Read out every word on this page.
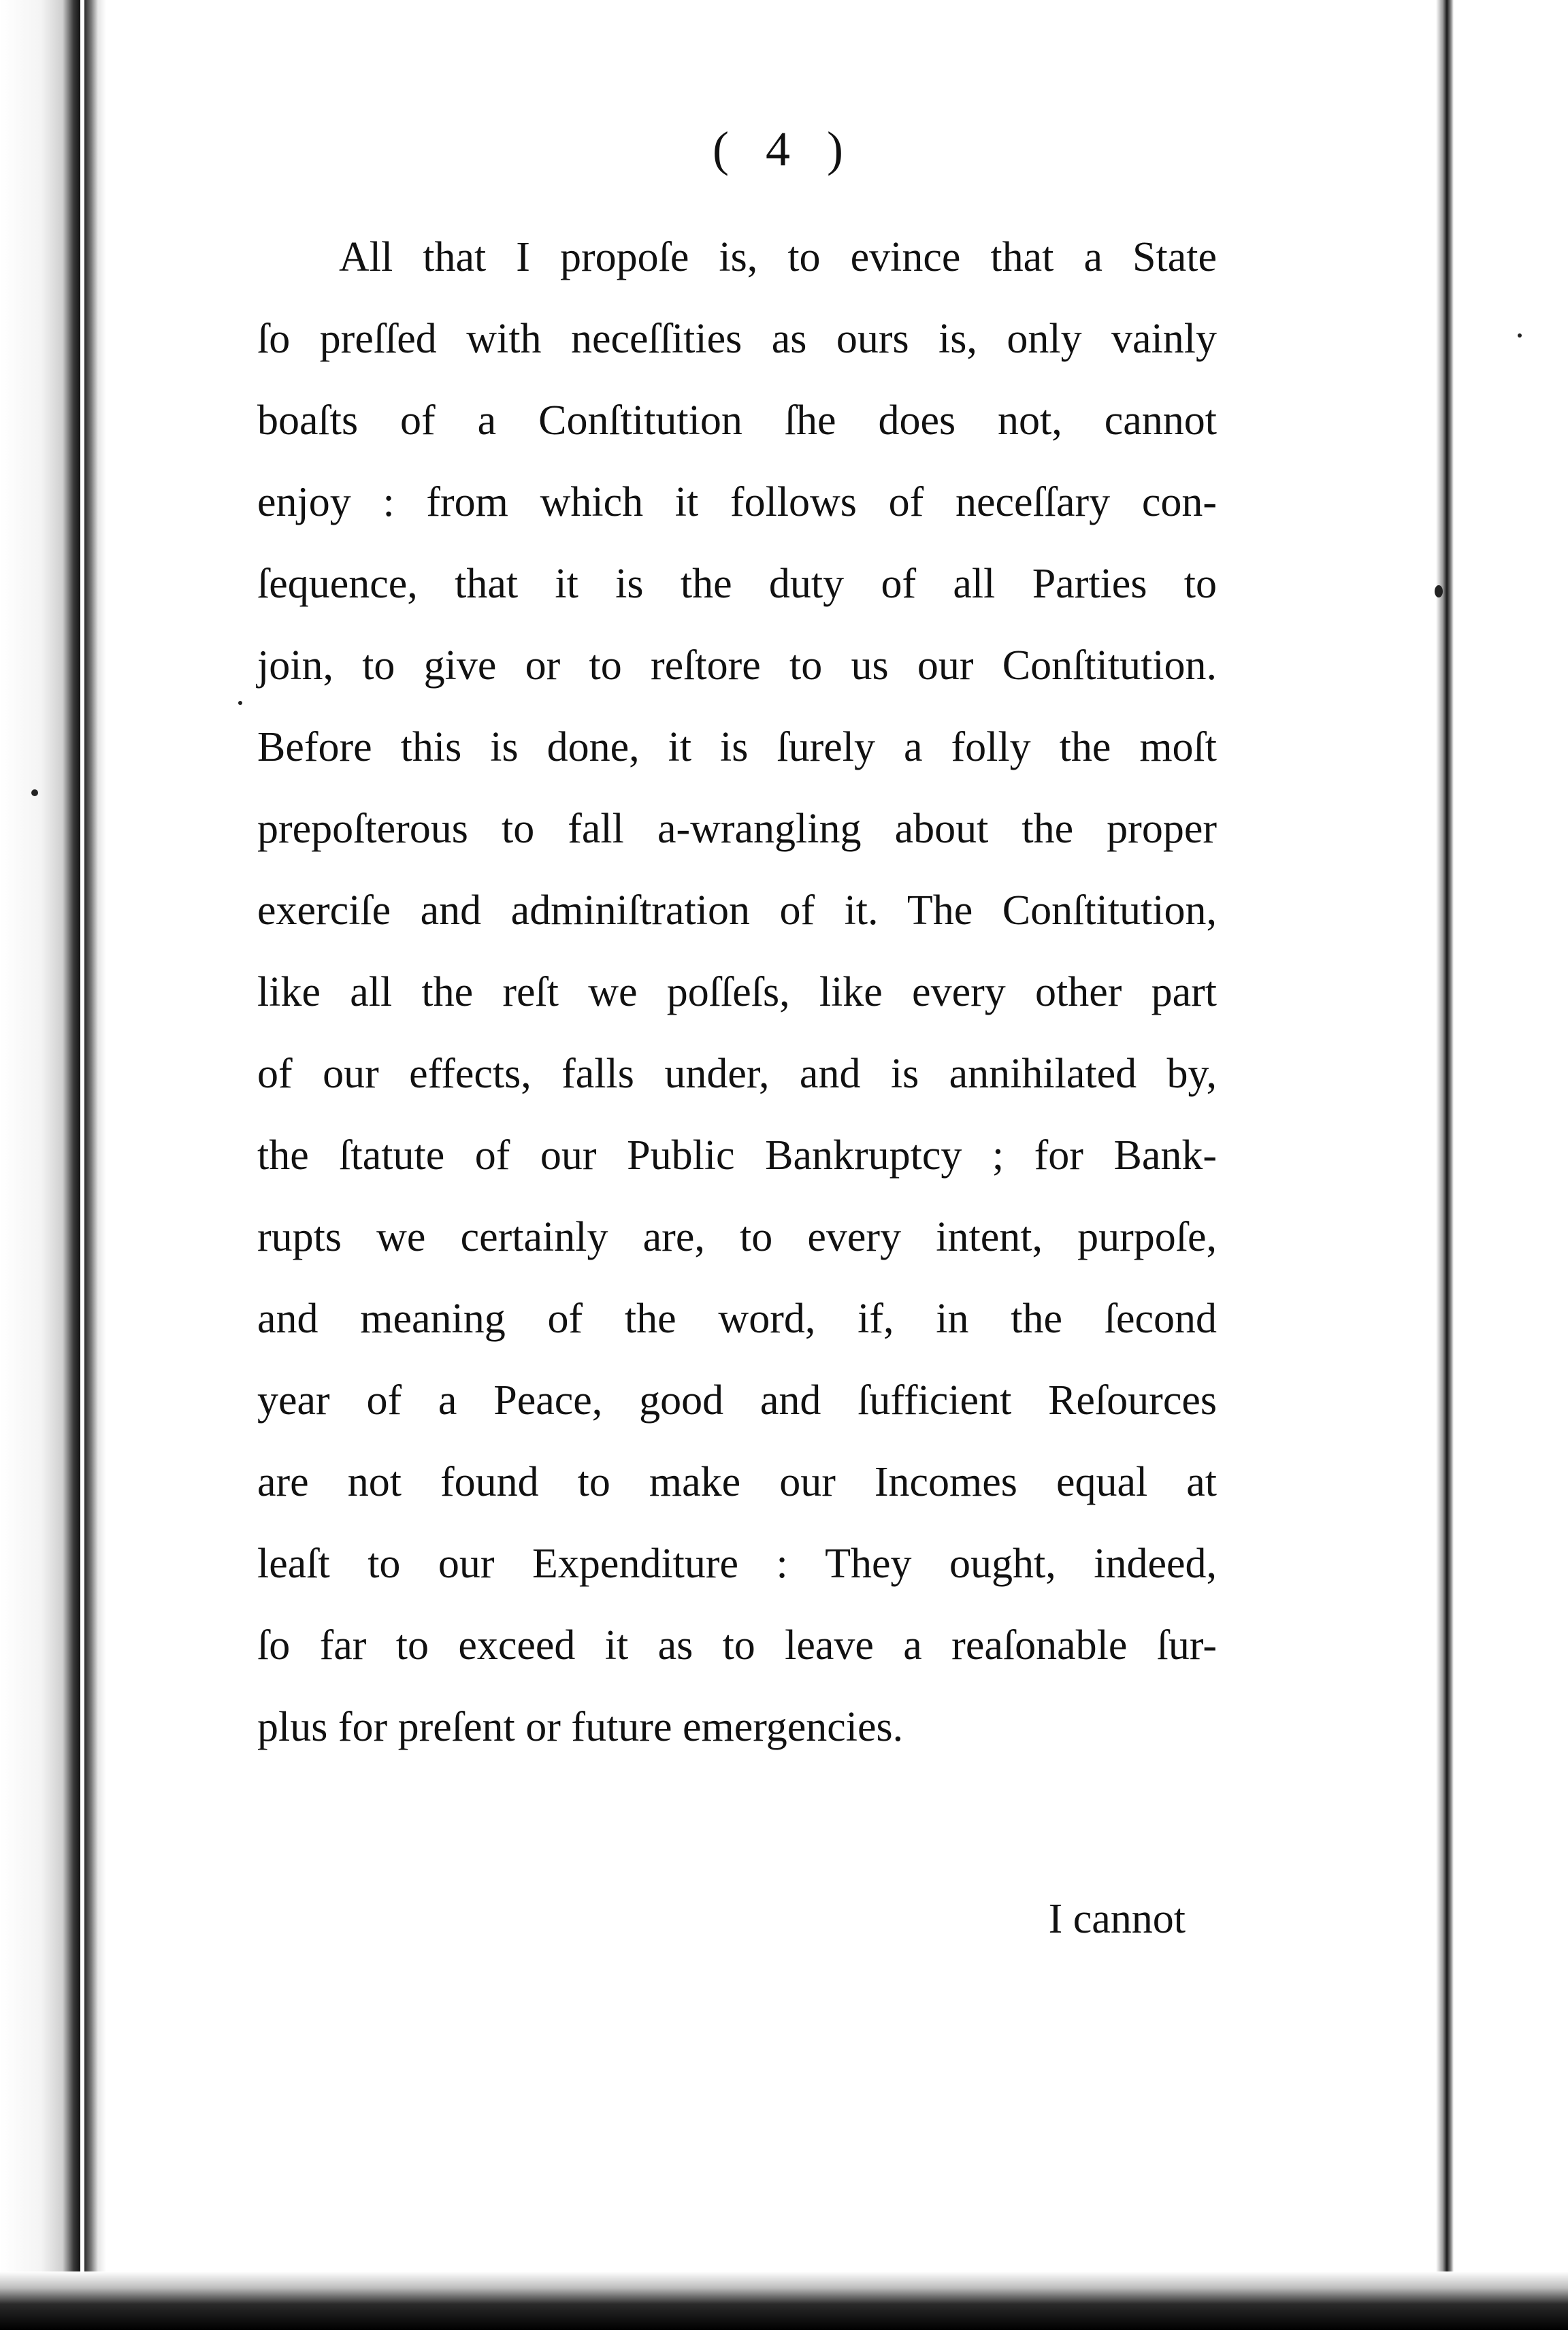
( 4 )
All that I propoſe is, to evince that a State
ſo preſſed with neceſſities as ours is, only vainly
boaſts of a Conſtitution ſhe does not, cannot
enjoy : from which it follows of neceſſary con-
ſequence, that it is the duty of all Parties to
join, to give or to reſtore to us our Conſtitution.
Before this is done, it is ſurely a folly the moſt
prepoſterous to fall a-wrangling about the proper
exerciſe and adminiſtration of it. The Conſtitution,
like all the reſt we poſſeſs, like every other part
of our effects, falls under, and is annihilated by,
the ſtatute of our Public Bankruptcy ; for Bank-
rupts we certainly are, to every intent, purpoſe,
and meaning of the word, if, in the ſecond
year of a Peace, good and ſufficient Reſources
are not found to make our Incomes equal at
leaſt to our Expenditure : They ought, indeed,
ſo far to exceed it as to leave a reaſonable ſur-
plus for preſent or future emergencies.
I cannot
